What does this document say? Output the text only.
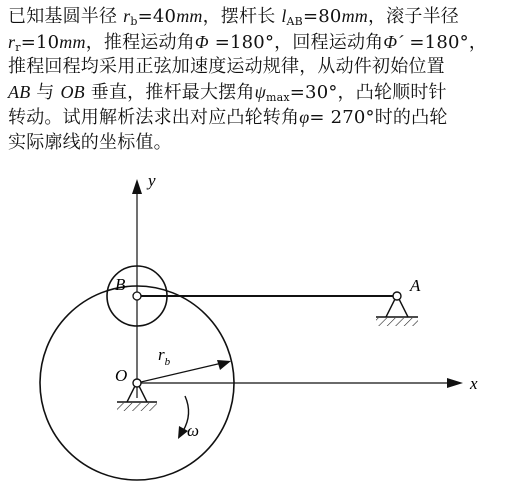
已知基圆半径 $r_b=40mm$，摆杆长 $l_{AB}=80mm$，滚子半径
$r_r=10mm$，推程运动角Φ =180°，回程运动角Φ´ =180°，
推程回程均采用正弦加速度运动规律，从动件初始位置
AB 与 OB 垂直，推杆最大摆角$\psi_{max}=30^\circ$，凸轮顺时针
转动。试用解析法求出对应凸轮转角φ= 270°时的凸轮
实际廓线的坐标值。
y
x
B	A
$r_b$
O
ω
